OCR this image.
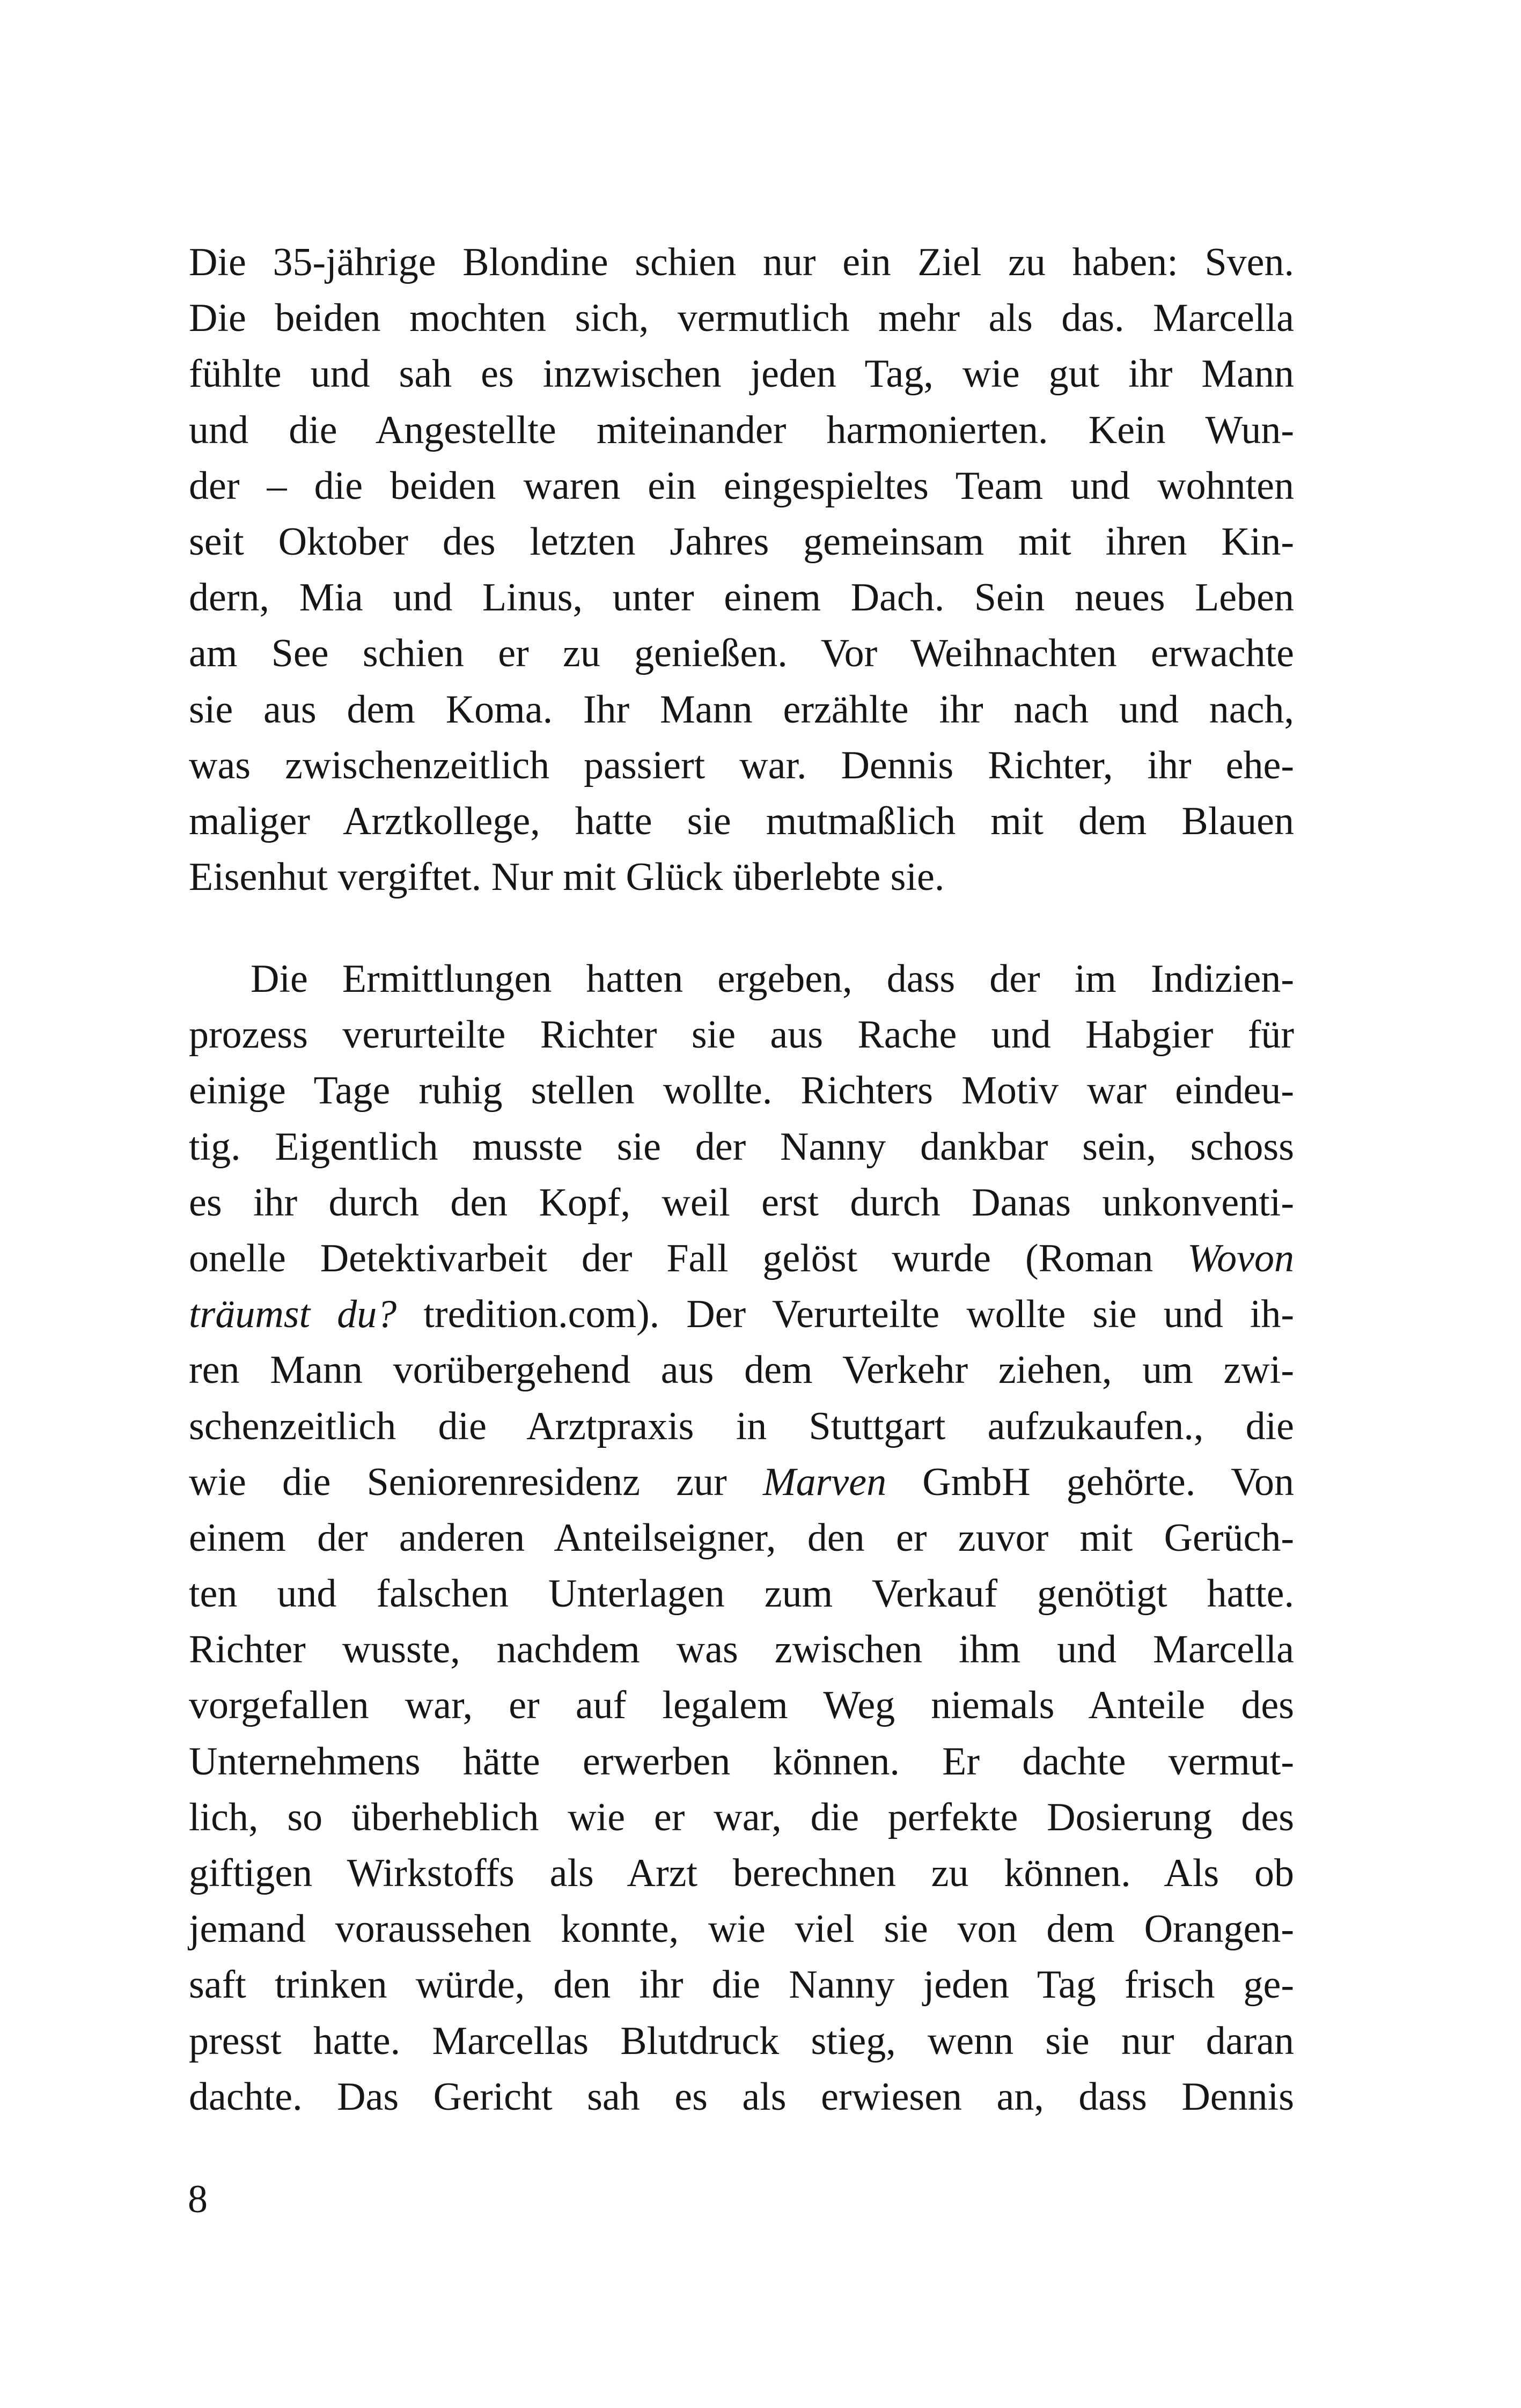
Die 35-jährige Blondine schien nur ein Ziel zu haben: Sven.
Die beiden mochten sich, vermutlich mehr als das. Marcella
fühlte und sah es inzwischen jeden Tag, wie gut ihr Mann
und die Angestellte miteinander harmonierten. Kein Wun-
der – die beiden waren ein eingespieltes Team und wohnten
seit Oktober des letzten Jahres gemeinsam mit ihren Kin-
dern, Mia und Linus, unter einem Dach. Sein neues Leben
am See schien er zu genießen. Vor Weihnachten erwachte
sie aus dem Koma. Ihr Mann erzählte ihr nach und nach,
was zwischenzeitlich passiert war. Dennis Richter, ihr ehe-
maliger Arztkollege, hatte sie mutmaßlich mit dem Blauen
Eisenhut vergiftet. Nur mit Glück überlebte sie.
Die Ermittlungen hatten ergeben, dass der im Indizien-
prozess verurteilte Richter sie aus Rache und Habgier für
einige Tage ruhig stellen wollte. Richters Motiv war eindeu-
tig. Eigentlich musste sie der Nanny dankbar sein, schoss
es ihr durch den Kopf, weil erst durch Danas unkonventi-
onelle Detektivarbeit der Fall gelöst wurde (Roman Wovon
träumst du? tredition.com). Der Verurteilte wollte sie und ih-
ren Mann vorübergehend aus dem Verkehr ziehen, um zwi-
schenzeitlich die Arztpraxis in Stuttgart aufzukaufen., die
wie die Seniorenresidenz zur Marven GmbH gehörte. Von
einem der anderen Anteilseigner, den er zuvor mit Gerüch-
ten und falschen Unterlagen zum Verkauf genötigt hatte.
Richter wusste, nachdem was zwischen ihm und Marcella
vorgefallen war, er auf legalem Weg niemals Anteile des
Unternehmens hätte erwerben können. Er dachte vermut-
lich, so überheblich wie er war, die perfekte Dosierung des
giftigen Wirkstoffs als Arzt berechnen zu können. Als ob
jemand voraussehen konnte, wie viel sie von dem Orangen-
saft trinken würde, den ihr die Nanny jeden Tag frisch ge-
presst hatte. Marcellas Blutdruck stieg, wenn sie nur daran
dachte. Das Gericht sah es als erwiesen an, dass Dennis
8
